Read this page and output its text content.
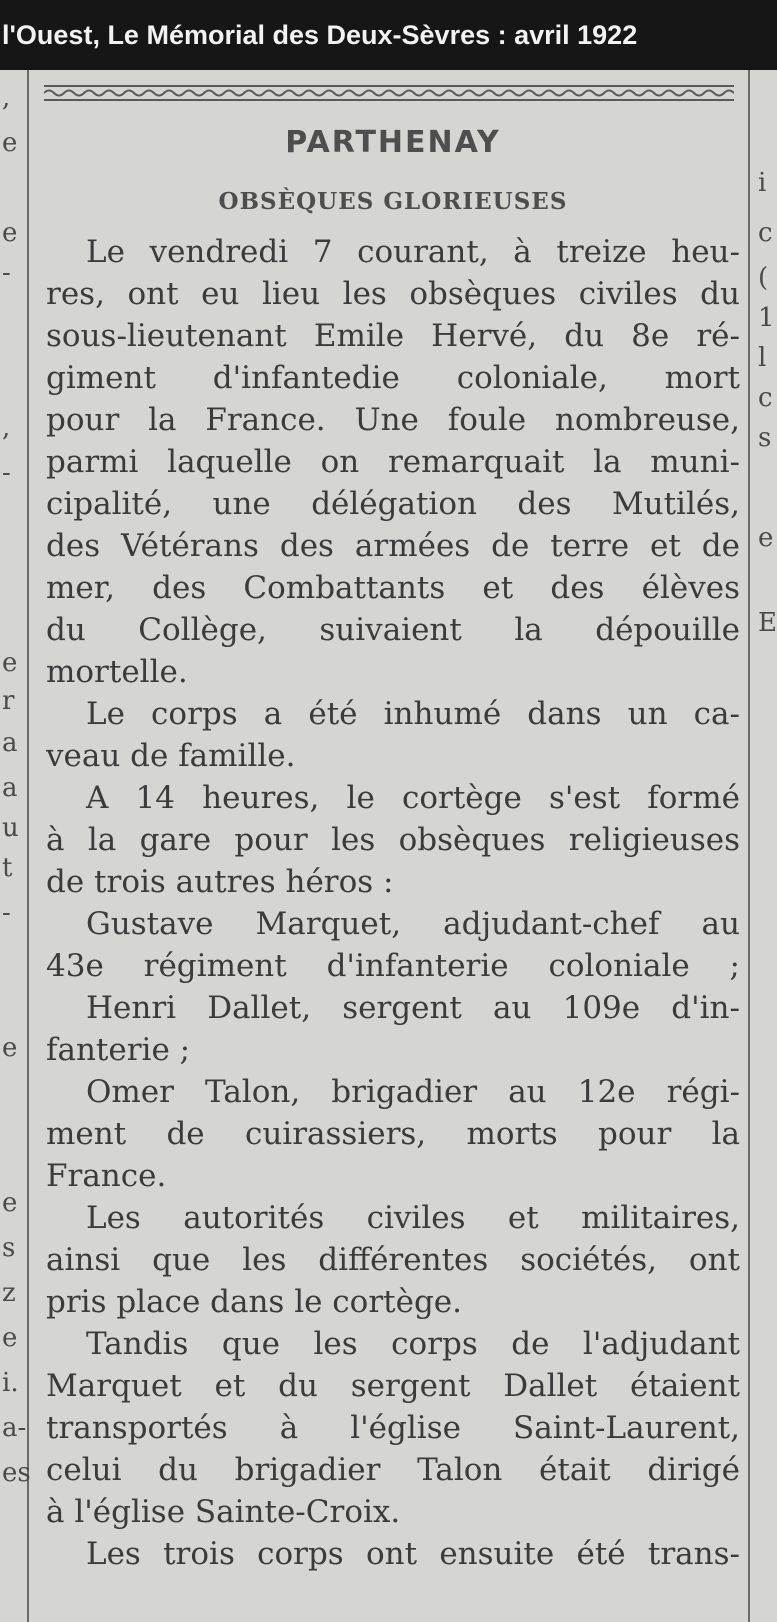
l'Ouest, Le Mémorial des Deux-Sèvres : avril 1922
,
e
e
-
,
-
e
r
a
a
u
t
-
e
e
s
z
e
i.
a-
es
i
c
(
1
l
c
s
e
E
PARTHENAY
OBSÈQUES GLORIEUSES
Le vendredi 7 courant, à treize heu-
res, ont eu lieu les obsèques civiles du
sous-lieutenant Emile Hervé, du 8e ré-
giment d'infantedie coloniale, mort
pour la France. Une foule nombreuse,
parmi laquelle on remarquait la muni-
cipalité, une délégation des Mutilés,
des Vétérans des armées de terre et de
mer, des Combattants et des élèves
du Collège, suivaient la dépouille
mortelle.
Le corps a été inhumé dans un ca-
veau de famille.
A 14 heures, le cortège s'est formé
à la gare pour les obsèques religieuses
de trois autres héros :
Gustave Marquet, adjudant-chef au
43e régiment d'infanterie coloniale ;
Henri Dallet, sergent au 109e d'in-
fanterie ;
Omer Talon, brigadier au 12e régi-
ment de cuirassiers, morts pour la
France.
Les autorités civiles et militaires,
ainsi que les différentes sociétés, ont
pris place dans le cortège.
Tandis que les corps de l'adjudant
Marquet et du sergent Dallet étaient
transportés à l'église Saint-Laurent,
celui du brigadier Talon était dirigé
à l'église Sainte-Croix.
Les trois corps ont ensuite été trans-
